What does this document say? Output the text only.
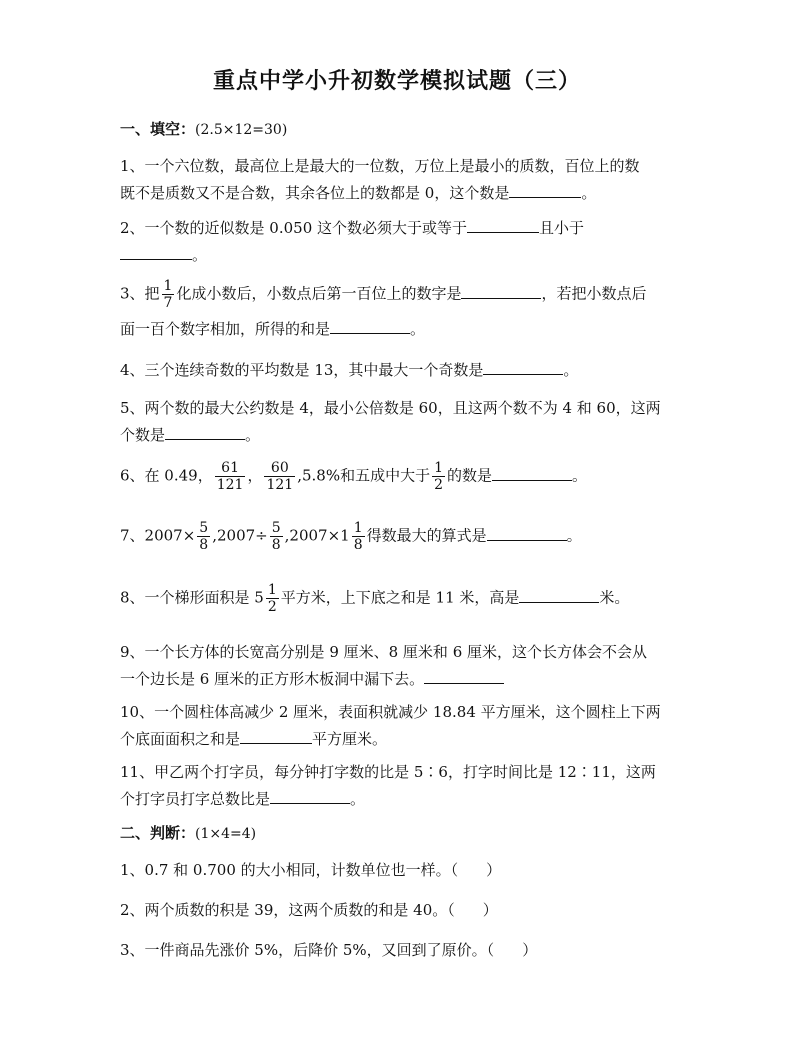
重点中学小升初数学模拟试题（三）
一、填空：(2.5×12=30)
1、一个六位数，最高位上是最大的一位数，万位上是最小的质数，百位上的数
既不是质数又不是合数，其余各位上的数都是 0，这个数是	。
2、一个数的近似数是 0.050 这个数必须大于或等于	且小于
。
3、把 $\frac{1}{7}$ 化成小数后，小数点后第一百位上的数字是	，若把小数点后
面一百个数字相加，所得的和是	。
4、三个连续奇数的平均数是 13，其中最大一个奇数是	。
5、两个数的最大公约数是 4，最小公倍数是 60，且这两个数不为 4 和 60，这两
个数是	。
6、在 0.49， $\frac{61}{121}$ ， $\frac{60}{121} ,5.8\%$和五成中大于 $\frac{1}{2}$ 的数是	。
7、$2007\times \frac{5}{8} ,2007\div \frac{5}{8} ,2007\times 1 \frac{1}{8}$ 得数最大的算式是	。
8、一个梯形面积是 $5 \frac{1}{2}$ 平方米，上下底之和是 11 米，高是	米。
9、一个长方体的长宽高分别是 9 厘米、8 厘米和 6 厘米，这个长方体会不会从
一个边长是 6 厘米的正方形木板洞中漏下去。
10、一个圆柱体高减少 2 厘米，表面积就减少 18.84 平方厘米，这个圆柱上下两
个底面面积之和是	平方厘米。
11、甲乙两个打字员，每分钟打字数的比是 5∶6，打字时间比是 12∶11，这两
个打字员打字总数比是	。
二、判断：(1×4=4)
1、0.7 和 0.700 的大小相同，计数单位也一样。（ ）
2、两个质数的积是 39，这两个质数的和是 40。（ ）
3、一件商品先涨价 5%，后降价 5%，又回到了原价。（ ）
